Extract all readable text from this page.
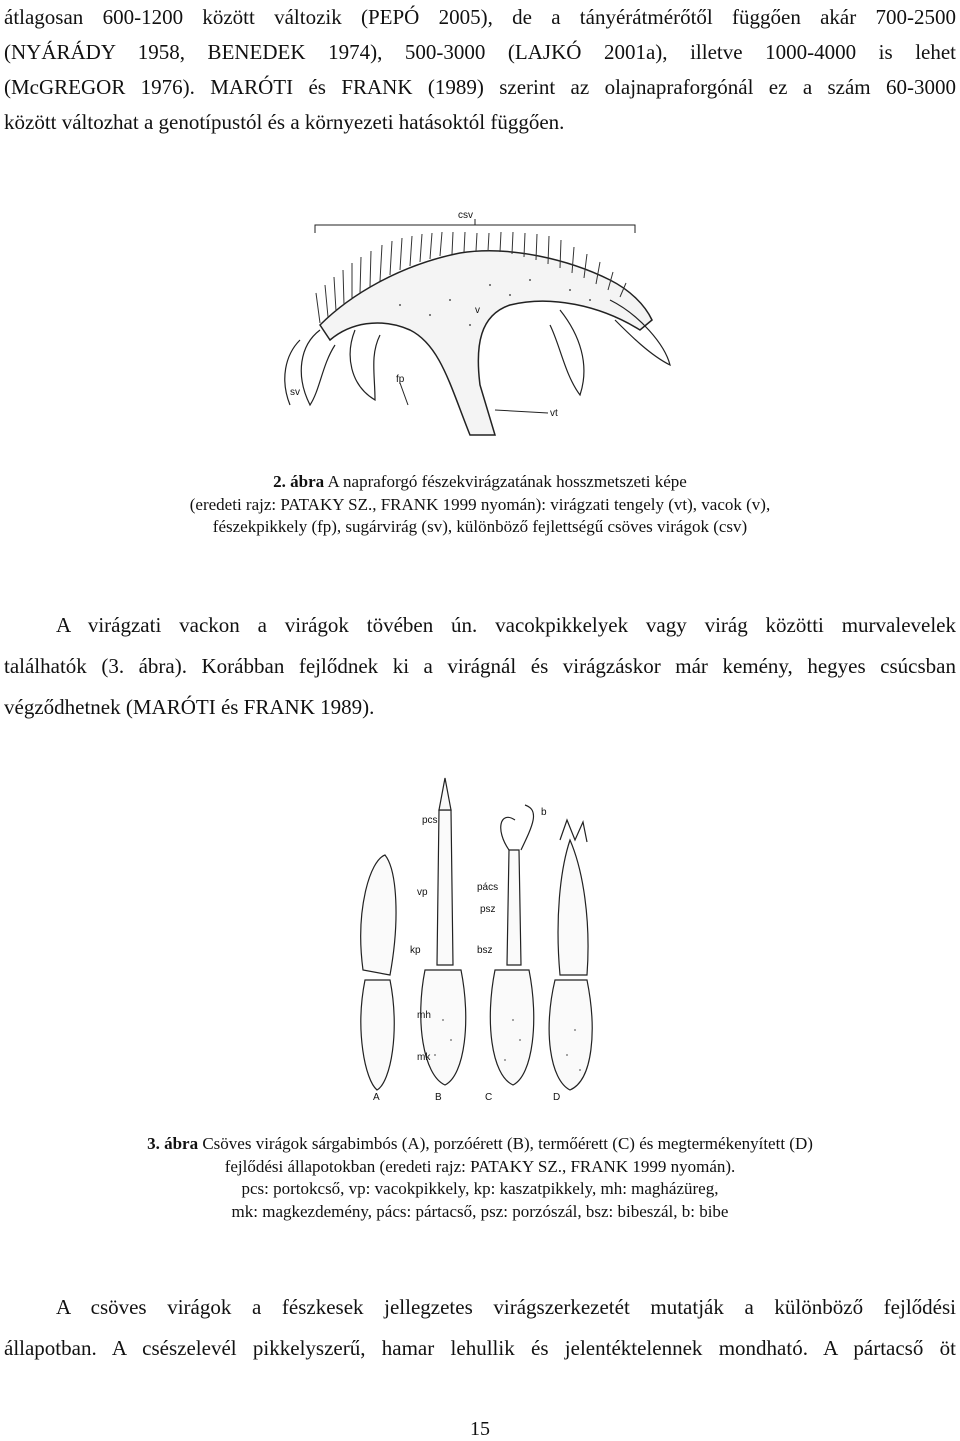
átlagosan 600-1200 között változik (PEPÓ 2005), de a tányérátmérőtől függően akár 700-2500
(NYÁRÁDY 1958, BENEDEK 1974), 500-3000 (LAJKÓ 2001a), illetve 1000-4000 is lehet
(McGREGOR 1976). MARÓTI és FRANK (1989) szerint az olajnapraforgónál ez a szám 60-3000
között változhat a genotípustól és a környezeti hatásoktól függően.
csv
v
fp
sv
vt
2. ábra A napraforgó fészekvirágzatának hosszmetszeti képe
(eredeti rajz: PATAKY SZ., FRANK 1999 nyomán): virágzati tengely (vt), vacok (v),
fészekpikkely (fp), sugárvirág (sv), különböző fejlettségű csöves virágok (csv)
A virágzati vackon a virágok tövében ún. vacokpikkelyek vagy virág közötti murvalevelek
találhatók (3. ábra). Korábban fejlődnek ki a virágnál és virágzáskor már kemény, hegyes csúcsban
végződhetnek (MARÓTI és FRANK 1989).
pcs
b
vp	pács
psz
kp	bsz
mh
mk
A	B	C	D
3. ábra Csöves virágok sárgabimbós (A), porzóérett (B), termőérett (C) és megtermékenyített (D)
fejlődési állapotokban (eredeti rajz: PATAKY SZ., FRANK 1999 nyomán).
pcs: portokcső, vp: vacokpikkely, kp: kaszatpikkely, mh: magházüreg,
mk: magkezdemény, pács: pártacső, psz: porzószál, bsz: bibeszál, b: bibe
A csöves virágok a fészkesek jellegzetes virágszerkezetét mutatják a különböző fejlődési
állapotban. A csészelevél pikkelyszerű, hamar lehullik és jelentéktelennek mondható. A pártacső öt
15
